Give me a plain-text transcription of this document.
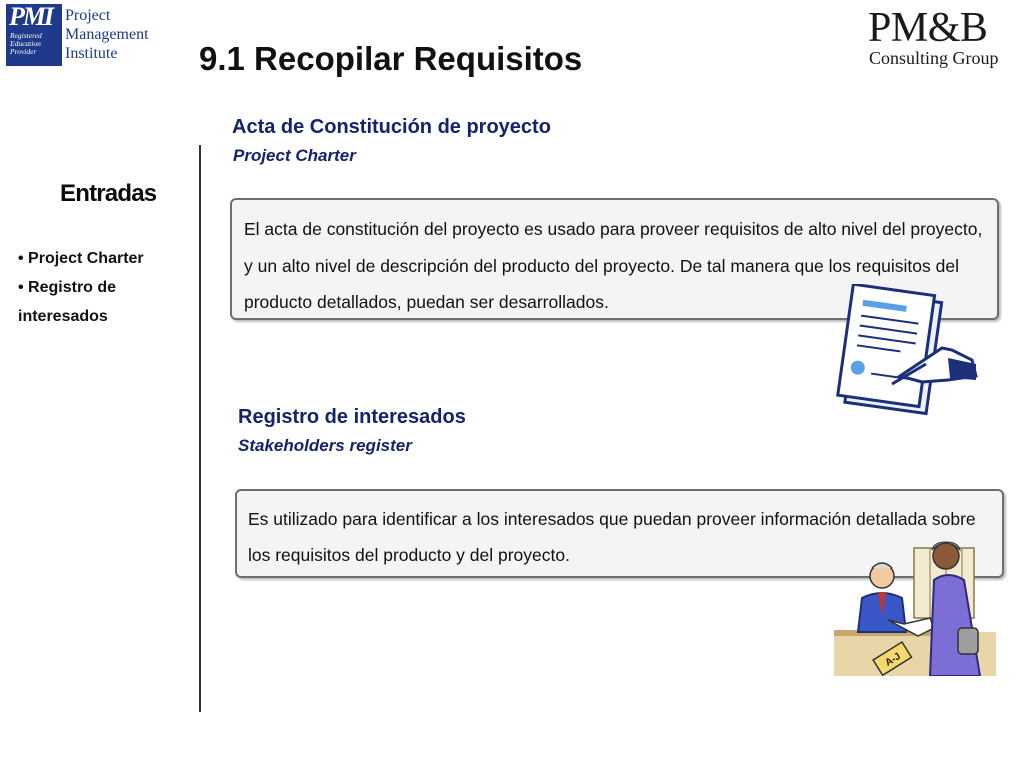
PMI
Registered
Education
Provider
Project
Management
Institute
PM&B
Consulting Group
9.1 Recopilar Requisitos
Entradas
• Project Charter
• Registro de interesados
Acta de Constitución de proyecto
Project Charter
El acta de constitución del proyecto es usado para proveer requisitos de alto nivel del proyecto, y un alto nivel de descripción del producto del proyecto. De tal manera que los requisitos del producto detallados, puedan ser desarrollados.
Registro de interesados
Stakeholders register
Es utilizado para identificar a los interesados que puedan proveer información detallada sobre los requisitos del producto y del proyecto.
A-J
